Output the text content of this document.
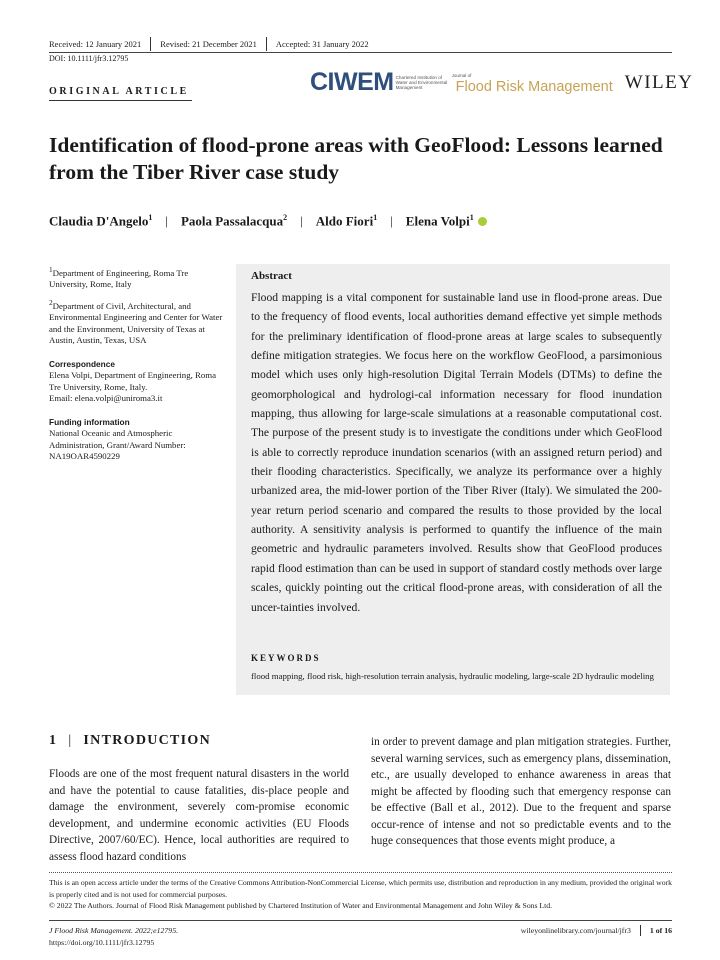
Received: 12 January 2021 Revised: 21 December 2021 Accepted: 31 January 2022
DOI: 10.1111/jfr3.12795
ORIGINAL ARTICLE	CIWEM Chartered Institution of Water and Environmental Management
Journal of
Flood Risk Management WILEY
Identification of flood-prone areas with GeoFlood: Lessons learned from the Tiber River case study
Claudia D'Angelo$^1$ | Paola Passalacqua$^2$ | Aldo Fiori$^1$ | Elena Volpi$^1$

$^1$Department of Engineering, Roma Tre University, Rome, Italy

$^2$Department of Civil, Architectural, and Environmental Engineering and Center for Water and the Environment, University of Texas at Austin, Austin, Texas, USA

Correspondence

Elena Volpi, Department of Engineering, Roma Tre University, Rome, Italy.

Email: elena.volpi@uniroma3.it

Funding information

National Oceanic and Atmospheric Administration, Grant/Award Number: NA19OAR4590229

Abstract
Flood mapping is a vital component for sustainable land use in flood-prone areas. Due to the frequency of flood events, local authorities demand effective yet simple methods for the preliminary identification of flood-prone areas at large scales to subsequently define mitigation strategies. We focus here on the workflow GeoFlood, a parsimonious model which uses only high-resolution Digital Terrain Models (DTMs) to define the geomorphological and hydrologi-cal information necessary for flood inundation mapping, thus allowing for large-scale simulations at a reasonable computational cost. The purpose of the present study is to investigate the conditions under which GeoFlood is able to correctly reproduce inundation scenarios (with an assigned return period) and their flooding characteristics. Specifically, we analyze its performance over a highly urbanized area, the mid-lower portion of the Tiber River (Italy). We simulated the 200-year return period scenario and compared the results to those provided by the local authority. A sensitivity analysis is performed to quantify the influence of the main geometric and hydraulic parameters involved. Results show that GeoFlood produces rapid flood estimation than can be used in support of standard costly methods over large scales, quickly pointing out the critical flood-prone areas, with consideration of all the uncer-tainties involved.
KEYWORDS
flood mapping, flood risk, high-resolution terrain analysis, hydraulic modeling, large-scale 2D hydraulic modeling
1 | INTRODUCTION
Floods are one of the most frequent natural disasters in the world and have the potential to cause fatalities, dis-place people and damage the environment, severely com-promise economic development, and undermine economic activities (EU Floods Directive, 2007/60/EC). Hence, local authorities are required to assess flood hazard conditions
in order to prevent damage and plan mitigation strategies. Further, several warning services, such as emergency plans, dissemination, etc., are usually developed to enhance awareness in areas that might be affected by flooding such that emergency response can be effective (Ball et al., 2012). Due to the frequent and sparse occur-rence of intense and not so predictable events and to the huge consequences that those events might produce, a
This is an open access article under the terms of the Creative Commons Attribution-NonCommercial License, which permits use, distribution and reproduction in any medium, provided the original work is properly cited and is not used for commercial purposes.
© 2022 The Authors. Journal of Flood Risk Management published by Chartered Institution of Water and Environmental Management and John Wiley & Sons Ltd.
J Flood Risk Management. 2022;e12795.
https://doi.org/10.1111/jfr3.12795
wileyonlinelibrary.com/journal/jfr3 1 of 16
